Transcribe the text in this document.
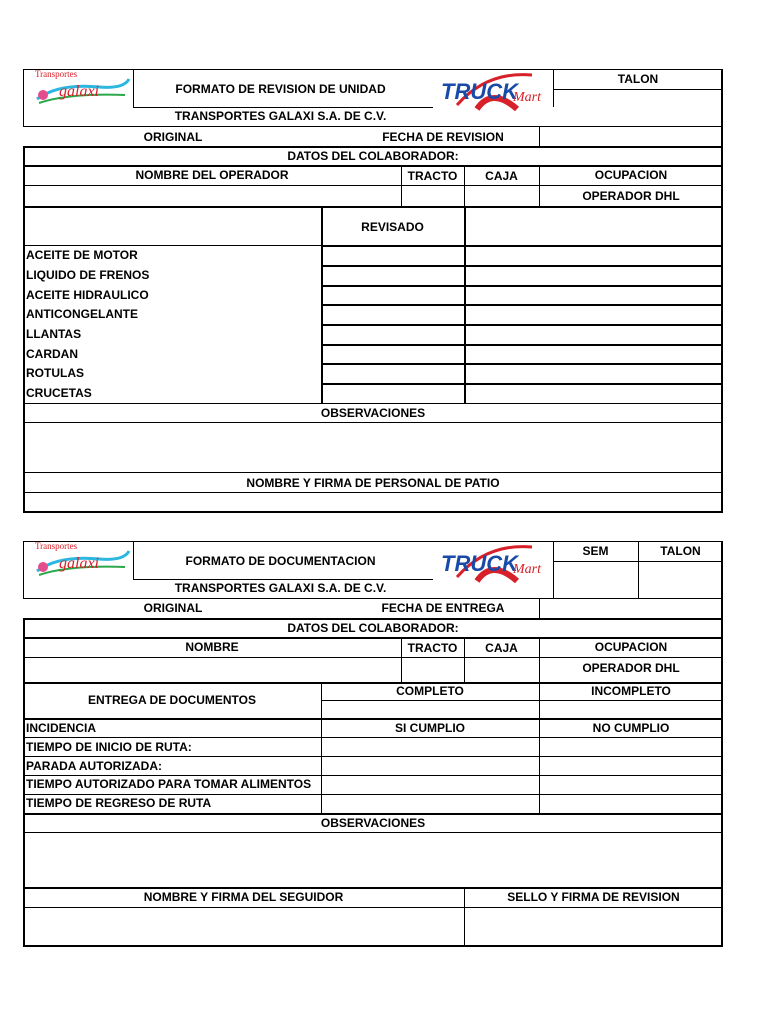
Transportes
galaxi	TRUCK
Mart
FORMATO DE REVISION DE UNIDAD
TALON
TRANSPORTES GALAXI S.A. DE C.V.
ORIGINAL	FECHA DE REVISION
DATOS DEL COLABORADOR:
NOMBRE DEL OPERADOR	TRACTO	CAJA	OCUPACION
OPERADOR DHL
REVISADO
ACEITE DE MOTOR
LIQUIDO DE FRENOS
ACEITE HIDRAULICO
ANTICONGELANTE
LLANTAS
CARDAN
ROTULAS
CRUCETAS
OBSERVACIONES
NOMBRE Y FIRMA DE PERSONAL DE PATIO
Transportes
galaxi	TRUCK
Mart
FORMATO DE DOCUMENTACION
SEM	TALON
TRANSPORTES GALAXI S.A. DE C.V.
ORIGINAL	FECHA DE ENTREGA
DATOS DEL COLABORADOR:
NOMBRE	TRACTO	CAJA	OCUPACION
OPERADOR DHL
ENTREGA DE DOCUMENTOS
COMPLETO	INCOMPLETO
INCIDENCIA	SI CUMPLIO	NO CUMPLIO
TIEMPO DE INICIO DE RUTA:
PARADA AUTORIZADA:
TIEMPO AUTORIZADO PARA TOMAR ALIMENTOS
TIEMPO DE REGRESO DE RUTA
OBSERVACIONES
NOMBRE Y FIRMA DEL SEGUIDOR	SELLO Y FIRMA DE REVISION
